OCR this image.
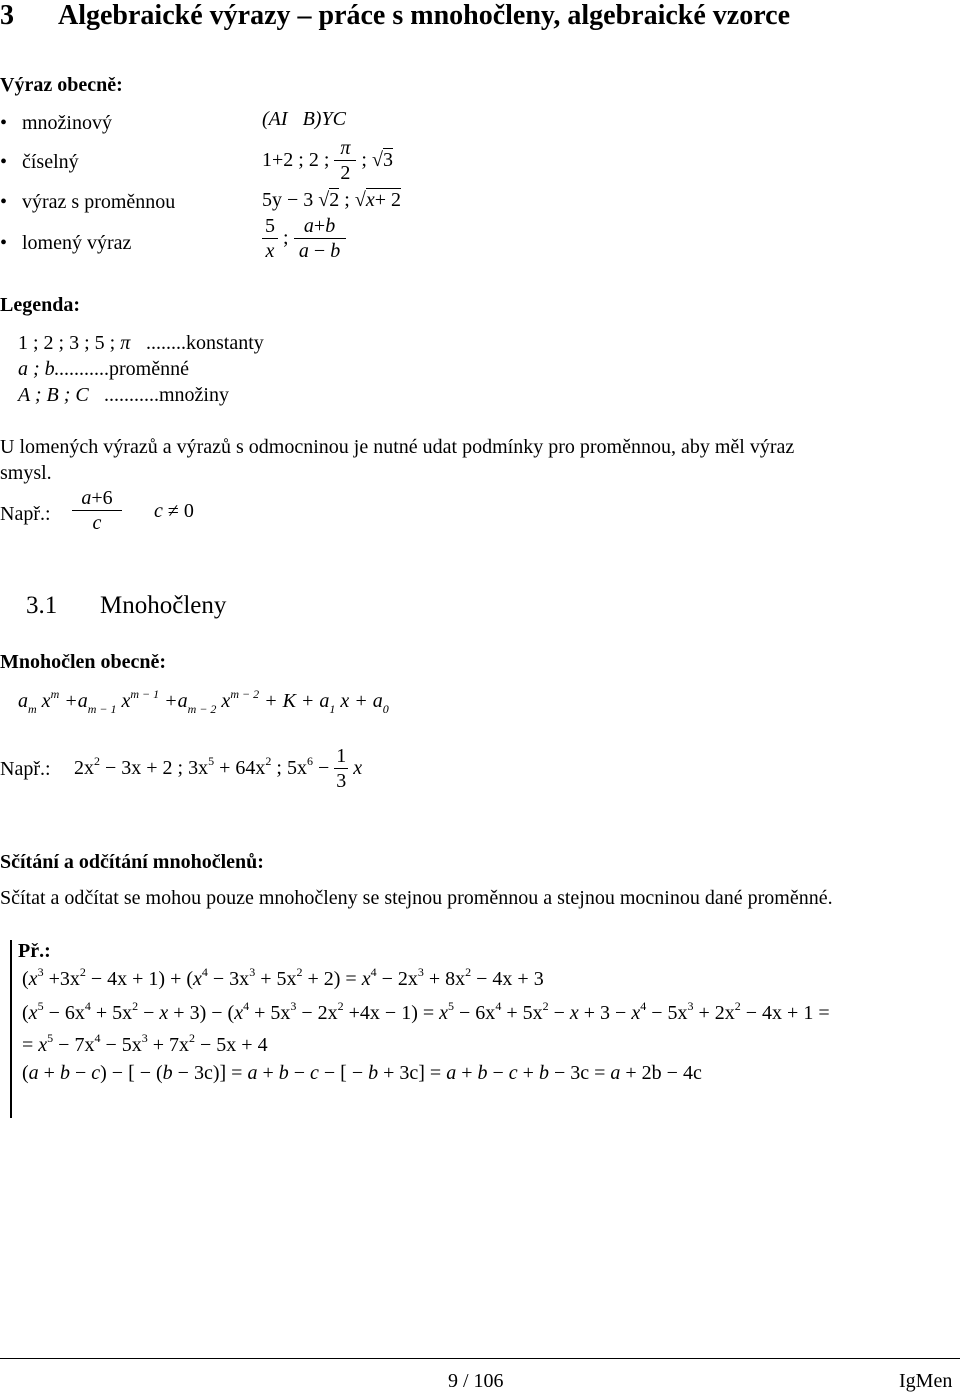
3 Algebraické výrazy – práce s mnohočleny, algebraické vzorce
Výraz obecně:
• množinový	(AI B)YC
• číselný	1+2 ; 2 ; $\frac{\pi}{2}$ ; √3
• výraz s proměnnou	5y − 3 √2 ; √x+ 2
• lomený výraz	$\frac{5}{x}$ ; $\frac{a+b}{a - b}$
Legenda:
1 ; 2 ; 3 ; 5 ; π ........konstanty
a ; b...........proměnné
A ; B ; C ...........množiny
U lomených výrazů a výrazů s odmocninou je nutné udat podmínky pro proměnnou, aby měl výraz
smysl.
Např.: $\frac{a+6}{c}$ c ≠ 0
3.1 Mnohočleny
Mnohočlen obecně:
$a_m$ $x^m +a_{m - 1}$ $x^{m - 1} +a_{m - 2}$ $x^{m - 2} + K + a_1$ $x + a_0$
Např.: $2x^2 - 3x + 2$ ; $3x^5 + 64x^2$ ; $5x^6 - \frac{1}{3}$ x
Sčítání a odčítání mnohočlenů:
Sčítat a odčítat se mohou pouze mnohočleny se stejnou proměnnou a stejnou mocninou dané proměnné.
Př.:
$(x^3 +3x^2 - 4x + 1) + (x^4 - 3x^3 + 5x^2 + 2) = x^4 - 2x^3 + 8x^2 - 4x + 3$
$(x^5 - 6x^4 + 5x^2 - x + 3) - (x^4 + 5x^3 - 2x^2 +4x - 1) = x^5 - 6x^4 + 5x^2 - x + 3 - x^4 - 5x^3 + 2x^2 - 4x + 1$ =
= $x^5 - 7x^4 - 5x^3 + 7x^2 - 5x + 4$
(a + b − c) − [ − (b − 3c)] = a + b − c − [ − b + 3c] = a + b − c + b − 3c = a + 2b − 4c
9 / 106	IgMen
